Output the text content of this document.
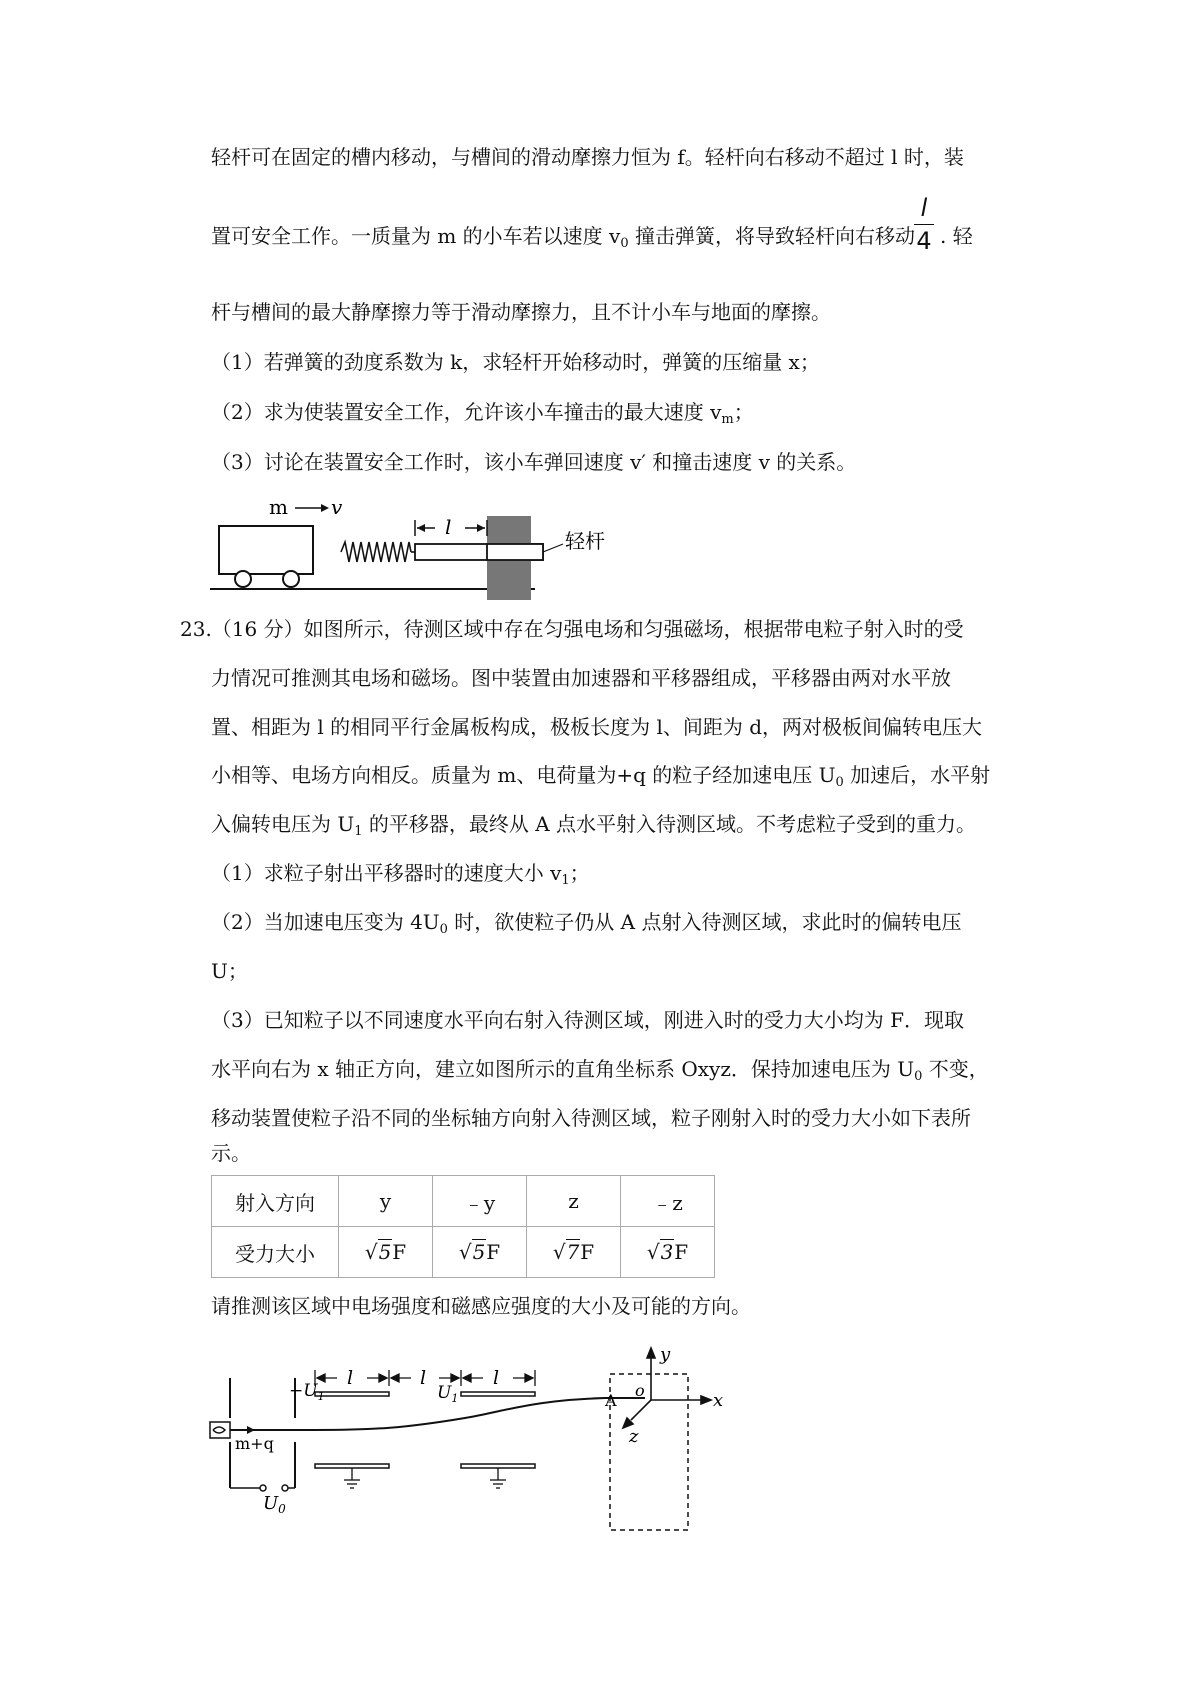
轻杆可在固定的槽内移动，与槽间的滑动摩擦力恒为 f。轻杆向右移动不超过 l 时，装
置可安全工作。一质量为 m 的小车若以速度 $v_0$ 撞击弹簧，将导致轻杆向右移动
l
4 . 轻
杆与槽间的最大静摩擦力等于滑动摩擦力，且不计小车与地面的摩擦。
（1）若弹簧的劲度系数为 k，求轻杆开始移动时，弹簧的压缩量 x；
（2）求为使装置安全工作，允许该小车撞击的最大速度 $v_m$；
（3）讨论在装置安全工作时，该小车弹回速度 v′ 和撞击速度 v 的关系。
m v
l
轻杆
23.（16 分）如图所示，待测区域中存在匀强电场和匀强磁场，根据带电粒子射入时的受
力情况可推测其电场和磁场。图中装置由加速器和平移器组成，平移器由两对水平放
置、相距为 l 的相同平行金属板构成，极板长度为 l、间距为 d，两对极板间偏转电压大
小相等、电场方向相反。质量为 m、电荷量为+q 的粒子经加速电压 $U_0$ 加速后，水平射
入偏转电压为 $U_1$ 的平移器，最终从 A 点水平射入待测区域。不考虑粒子受到的重力。
（1）求粒子射出平移器时的速度大小 $v_1$；
（2）当加速电压变为 $4U_0$ 时，欲使粒子仍从 A 点射入待测区域，求此时的偏转电压
U；
（3）已知粒子以不同速度水平向右射入待测区域，刚进入时的受力大小均为 F．现取
水平向右为 x 轴正方向，建立如图所示的直角坐标系 Oxyz．保持加速电压为 $U_0$ 不变，
移动装置使粒子沿不同的坐标轴方向射入待测区域，粒子刚射入时的受力大小如下表所
示。
射入方向	y	﹣y	z	﹣z
受力大小	√5F	√5F	√7F	√3F
请推测该区域中电场强度和磁感应强度的大小及可能的方向。
$U_0$
m+q
$-U_1$	$U_1$
l	l	l
A
y
x
z
o
